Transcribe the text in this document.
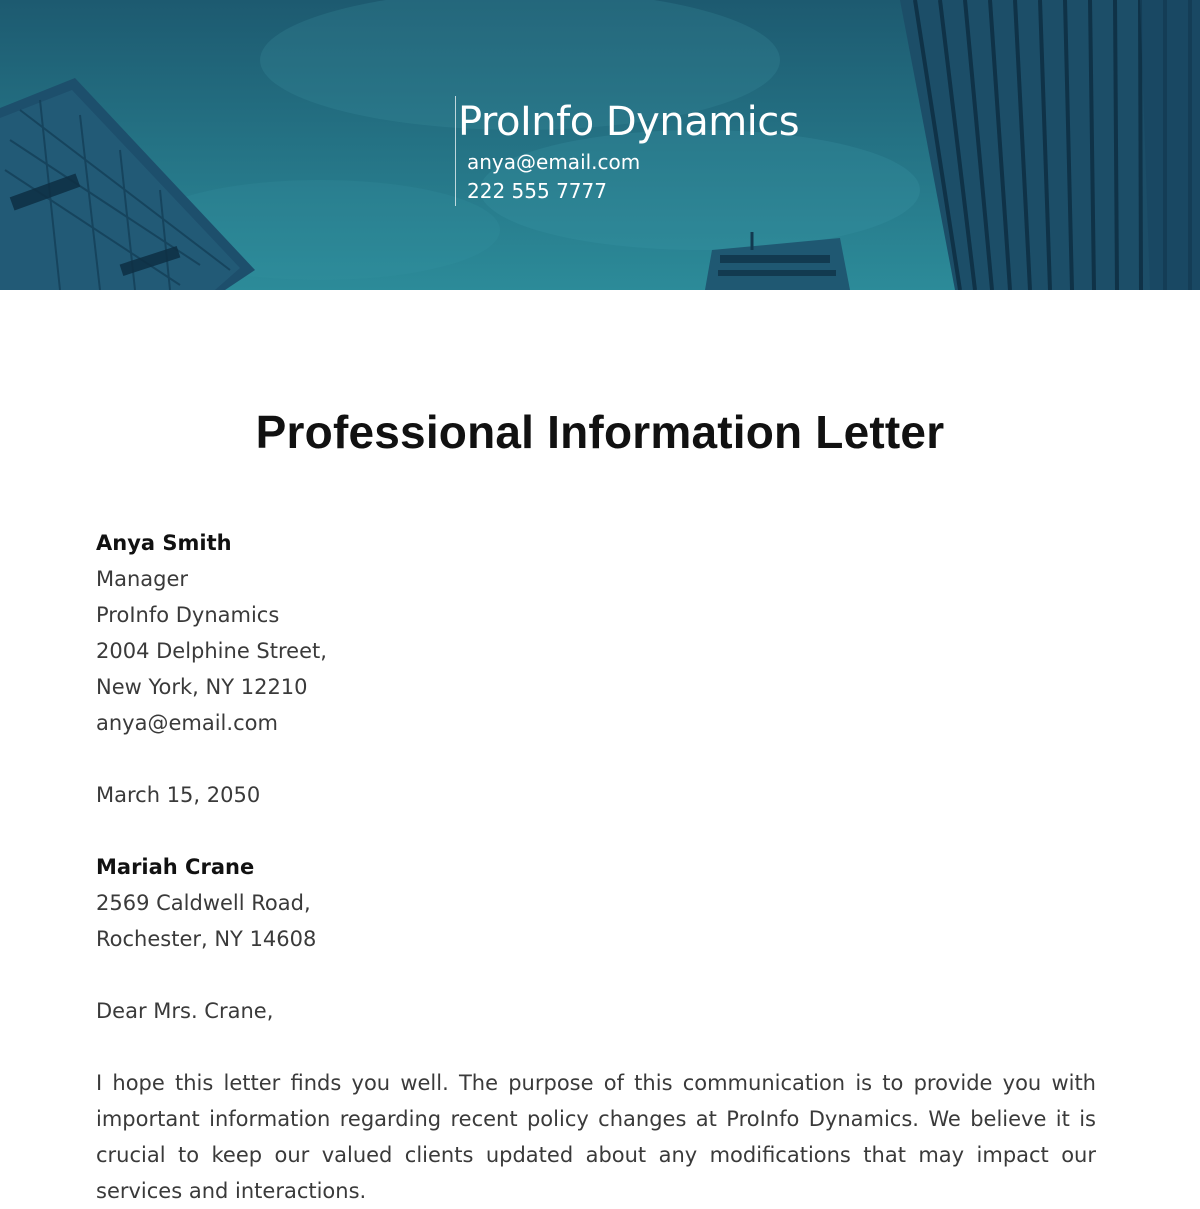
ProInfo Dynamics

anya@email.com
222 555 7777
Professional Information Letter
Anya Smith
Manager
ProInfo Dynamics
2004 Delphine Street,
New York, NY 12210
anya@email.com
March 15, 2050
Mariah Crane
2569 Caldwell Road,
Rochester, NY 14608
Dear Mrs. Crane,

I hope this letter finds you well. The purpose of this communication is to provide you with important information regarding recent policy changes at ProInfo Dynamics. We believe it is crucial to keep our valued clients updated about any modifications that may impact our services and interactions.
